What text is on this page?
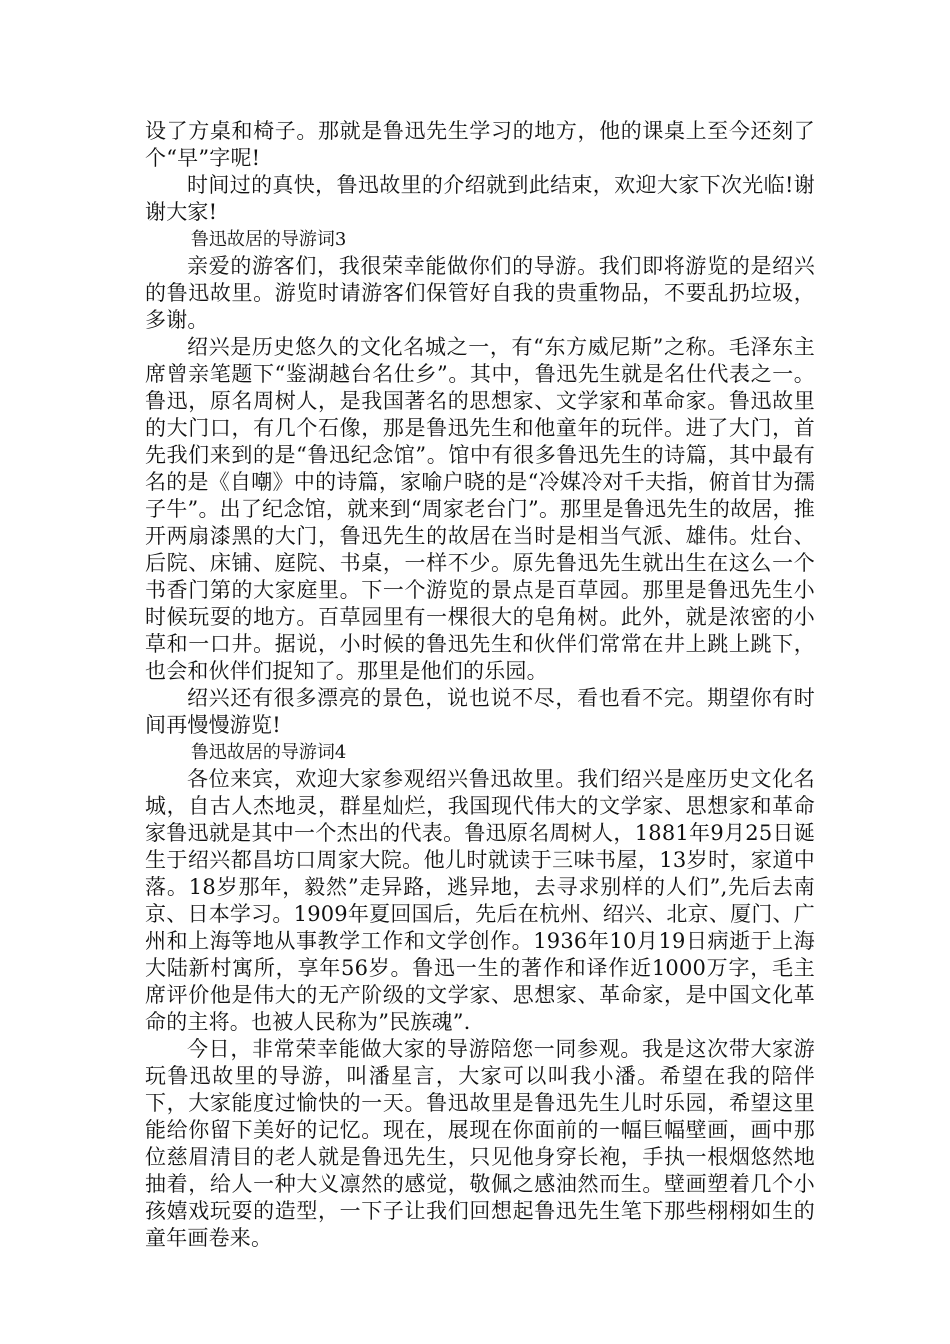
设了方桌和椅子。那就是鲁迅先生学习的地方，他的课桌上至今还刻了个“早”字呢!

时间过的真快，鲁迅故里的介绍就到此结束，欢迎大家下次光临!谢谢大家!

鲁迅故居的导游词3

亲爱的游客们，我很荣幸能做你们的导游。我们即将游览的是绍兴的鲁迅故里。游览时请游客们保管好自我的贵重物品，不要乱扔垃圾，多谢。

绍兴是历史悠久的文化名城之一，有“东方威尼斯”之称。毛泽东主席曾亲笔题下“鉴湖越台名仕乡”。其中，鲁迅先生就是名仕代表之一。鲁迅，原名周树人，是我国著名的思想家、文学家和革命家。鲁迅故里的大门口，有几个石像，那是鲁迅先生和他童年的玩伴。进了大门，首先我们来到的是“鲁迅纪念馆”。馆中有很多鲁迅先生的诗篇，其中最有名的是《自嘲》中的诗篇，家喻户晓的是“冷媒冷对千夫指，俯首甘为孺子牛”。出了纪念馆，就来到“周家老台门”。那里是鲁迅先生的故居，推开两扇漆黑的大门，鲁迅先生的故居在当时是相当气派、雄伟。灶台、后院、床铺、庭院、书桌，一样不少。原先鲁迅先生就出生在这么一个书香门第的大家庭里。下一个游览的景点是百草园。那里是鲁迅先生小时候玩耍的地方。百草园里有一棵很大的皂角树。此外，就是浓密的小草和一口井。据说，小时候的鲁迅先生和伙伴们常常在井上跳上跳下，也会和伙伴们捉知了。那里是他们的乐园。

绍兴还有很多漂亮的景色，说也说不尽，看也看不完。期望你有时间再慢慢游览!

鲁迅故居的导游词4

各位来宾，欢迎大家参观绍兴鲁迅故里。我们绍兴是座历史文化名城，自古人杰地灵，群星灿烂，我国现代伟大的文学家、思想家和革命家鲁迅就是其中一个杰出的代表。鲁迅原名周树人，1881年9月25日诞生于绍兴都昌坊口周家大院。他儿时就读于三味书屋，13岁时，家道中落。18岁那年，毅然”走异路，逃异地，去寻求别样的人们”,先后去南京、日本学习。1909年夏回国后，先后在杭州、绍兴、北京、厦门、广州和上海等地从事教学工作和文学创作。1936年10月19日病逝于上海大陆新村寓所，享年56岁。鲁迅一生的著作和译作近1000万字，毛主席评价他是伟大的无产阶级的文学家、思想家、革命家，是中国文化革命的主将。也被人民称为”民族魂”.

今日，非常荣幸能做大家的导游陪您一同参观。我是这次带大家游玩鲁迅故里的导游，叫潘星言，大家可以叫我小潘。希望在我的陪伴下，大家能度过愉快的一天。鲁迅故里是鲁迅先生儿时乐园，希望这里能给你留下美好的记忆。现在，展现在你面前的一幅巨幅壁画，画中那位慈眉清目的老人就是鲁迅先生，只见他身穿长袍，手执一根烟悠然地抽着，给人一种大义凛然的感觉，敬佩之感油然而生。壁画塑着几个小孩嬉戏玩耍的造型，一下子让我们回想起鲁迅先生笔下那些栩栩如生的童年画卷来。
